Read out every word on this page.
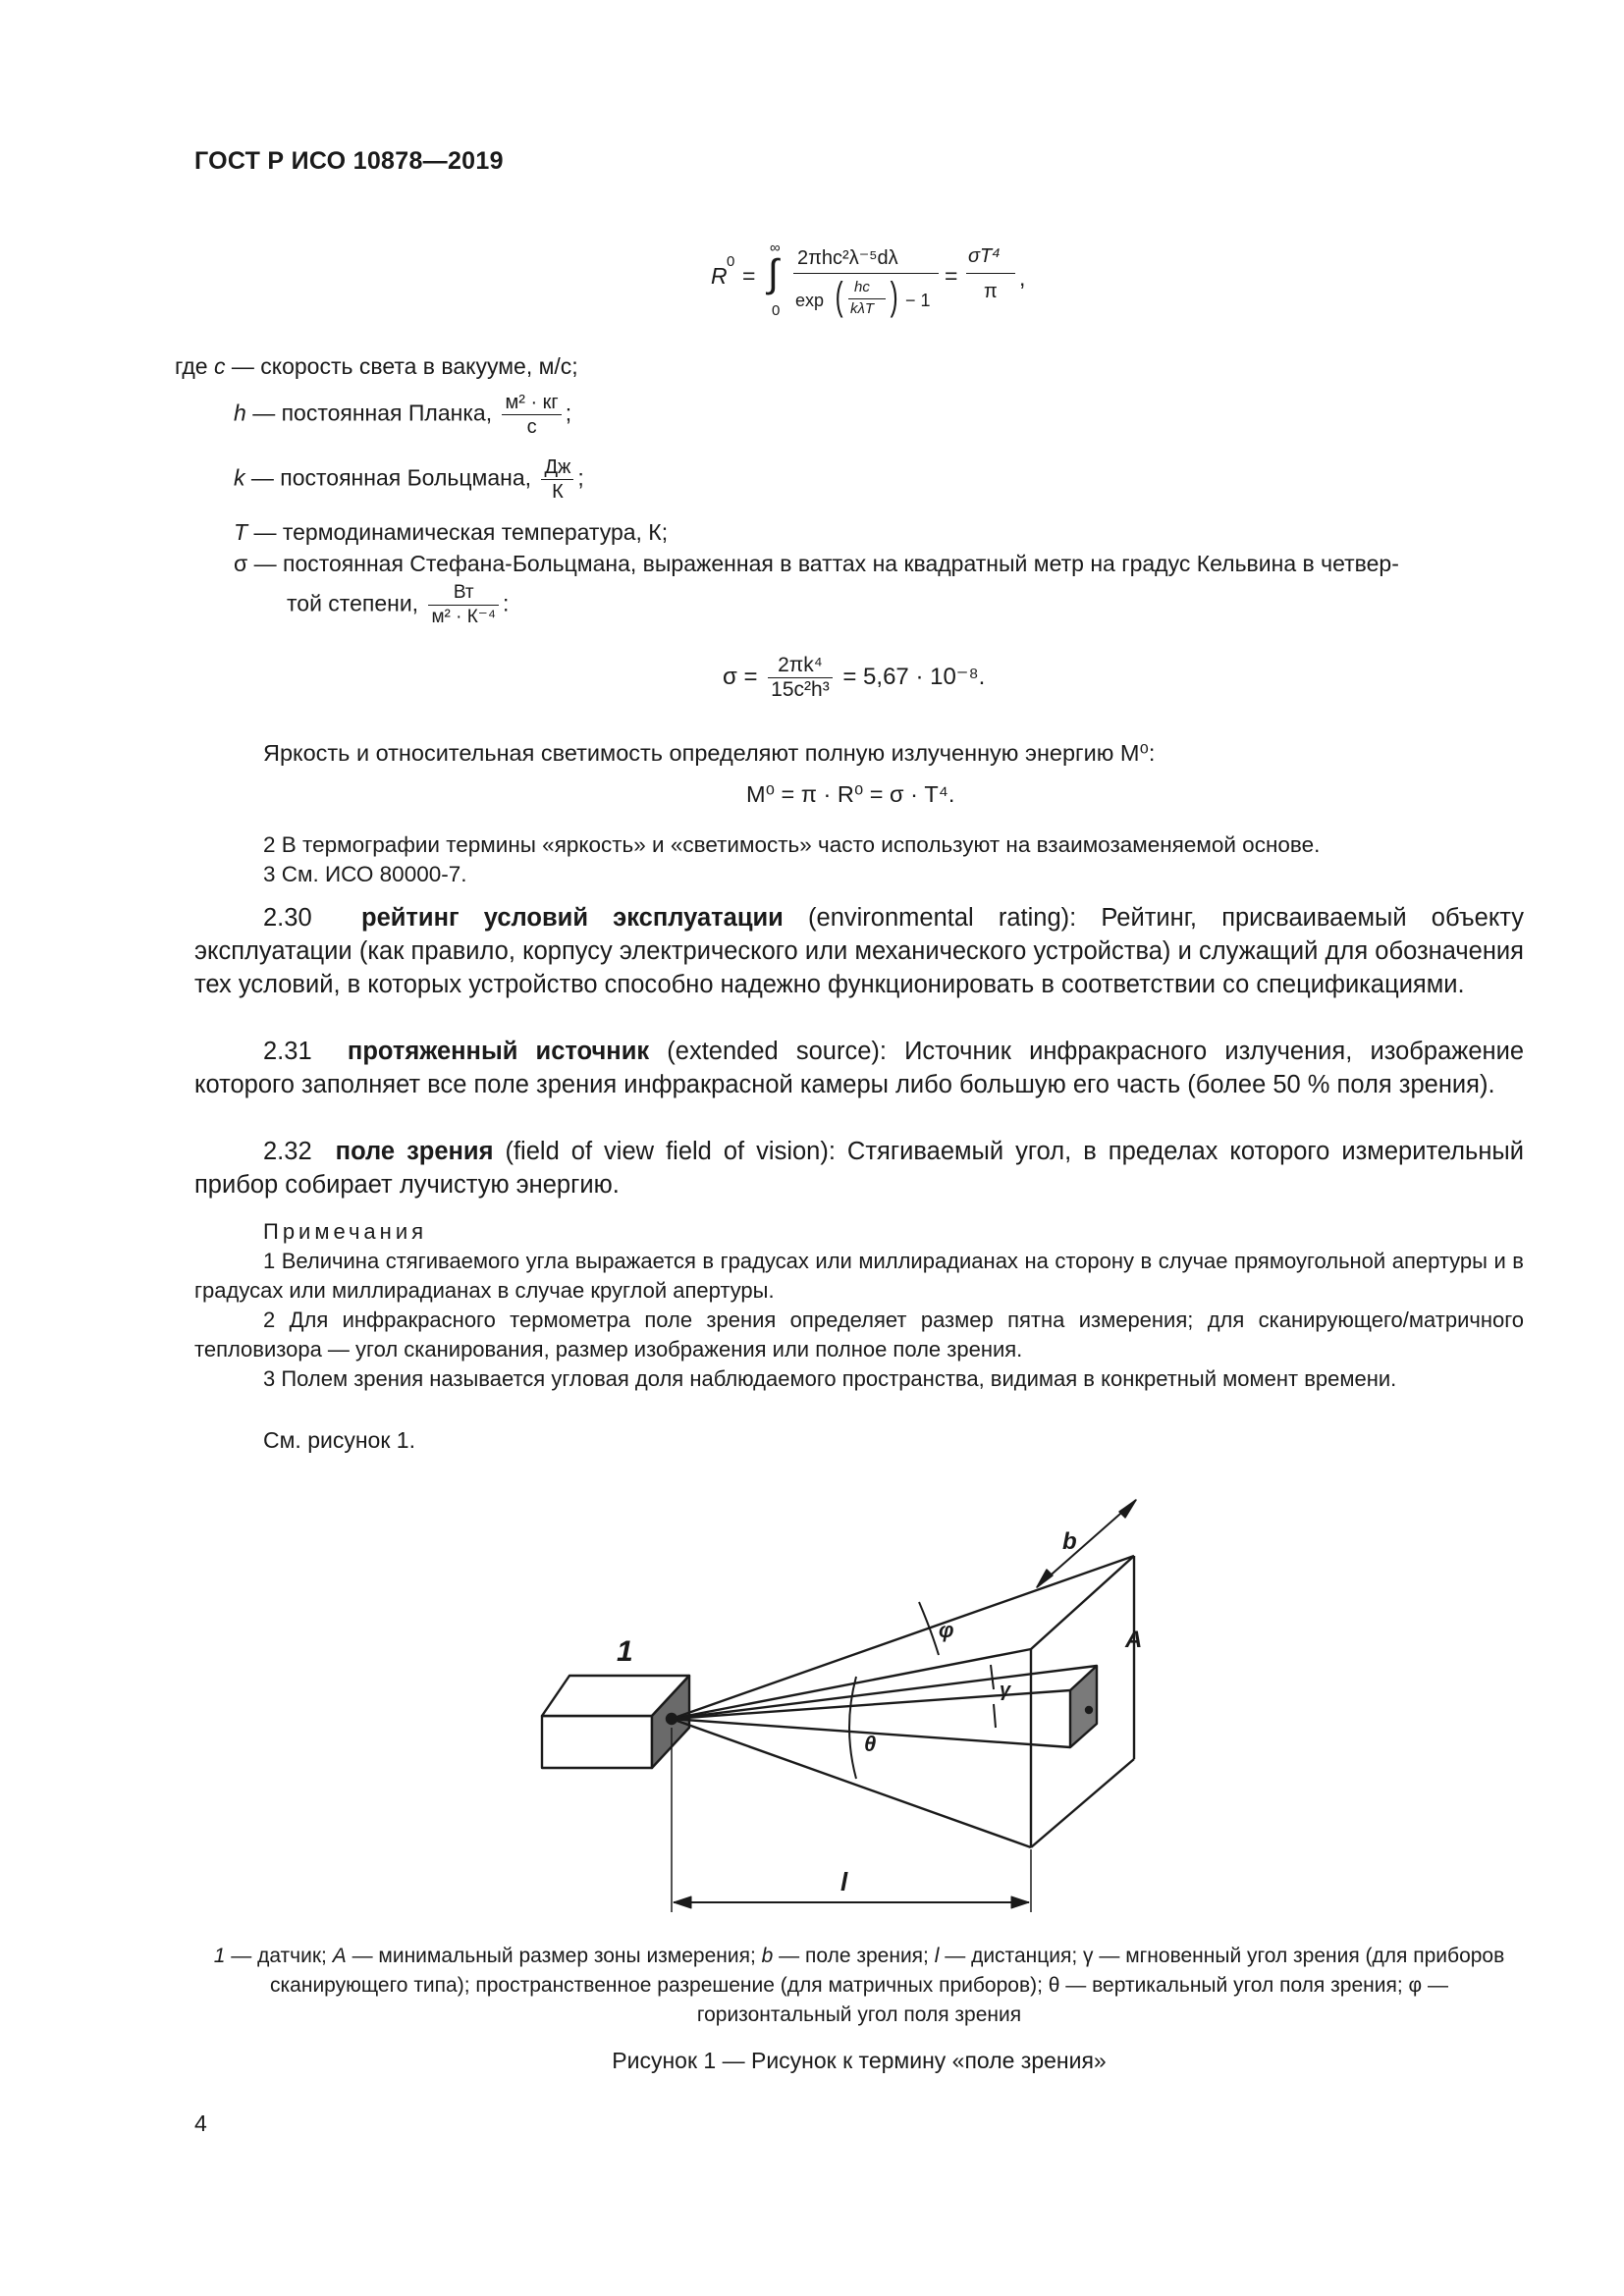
ГОСТ Р ИСО 10878—2019
R
0
=
∞
∫
0
2πhc²λ⁻⁵dλ
exp ( hc
kλT ) − 1
=
σT⁴
π
,
где c — скорость света в вакууме, м/с;
h — постоянная Планка, $\frac{\text{м² · кг}}{с}$ ;
k — постоянная Больцмана, $\frac{Дж}{К}$ ;
T — термодинамическая температура, К;
σ — постоянная Стефана-Больцмана, выраженная в ваттах на квадратный метр на градус Кельвина в четвер-
той степени, $\frac{Вт}{\text{м² · К⁻⁴}}$ :
$\sigma = \frac{\text{2πk⁴}}{\text{15c²h³}} = 5,67 \cdot 10^{-8}$.
Яркость и относительная светимость определяют полную излученную энергию M⁰:
M⁰ = π · R⁰ = σ · T⁴.
2 В термографии термины «яркость» и «светимость» часто используют на взаимозаменяемой основе.
3 См. ИСО 80000-7.
2.30 рейтинг условий эксплуатации (environmental rating): Рейтинг, присваиваемый объекту эксплуатации (как правило, корпусу электрического или механического устройства) и служащий для обозначения тех условий, в которых устройство способно надежно функционировать в соответствии со спецификациями.
2.31 протяженный источник (extended source): Источник инфракрасного излучения, изображение которого заполняет все поле зрения инфракрасной камеры либо большую его часть (более 50 % поля зрения).
2.32 поле зрения (field of view field of vision): Стягиваемый угол, в пределах которого измерительный прибор собирает лучистую энергию.
Примечания
1 Величина стягиваемого угла выражается в градусах или миллирадианах на сторону в случае прямоугольной апертуры и в градусах или миллирадианах в случае круглой апертуры.
2 Для инфракрасного термометра поле зрения определяет размер пятна измерения; для сканирующего/матричного тепловизора — угол сканирования, размер изображения или полное поле зрения.
3 Полем зрения называется угловая доля наблюдаемого пространства, видимая в конкретный момент времени.
См. рисунок 1.
1
b
A
φ
γ
θ
l
1 — датчик; A — минимальный размер зоны измерения; b — поле зрения; l — дистанция; γ — мгновенный угол зрения (для приборов сканирующего типа); пространственное разрешение (для матричных приборов); θ — вертикальный угол поля зрения; φ — горизонтальный угол поля зрения
Рисунок 1 — Рисунок к термину «поле зрения»
4
